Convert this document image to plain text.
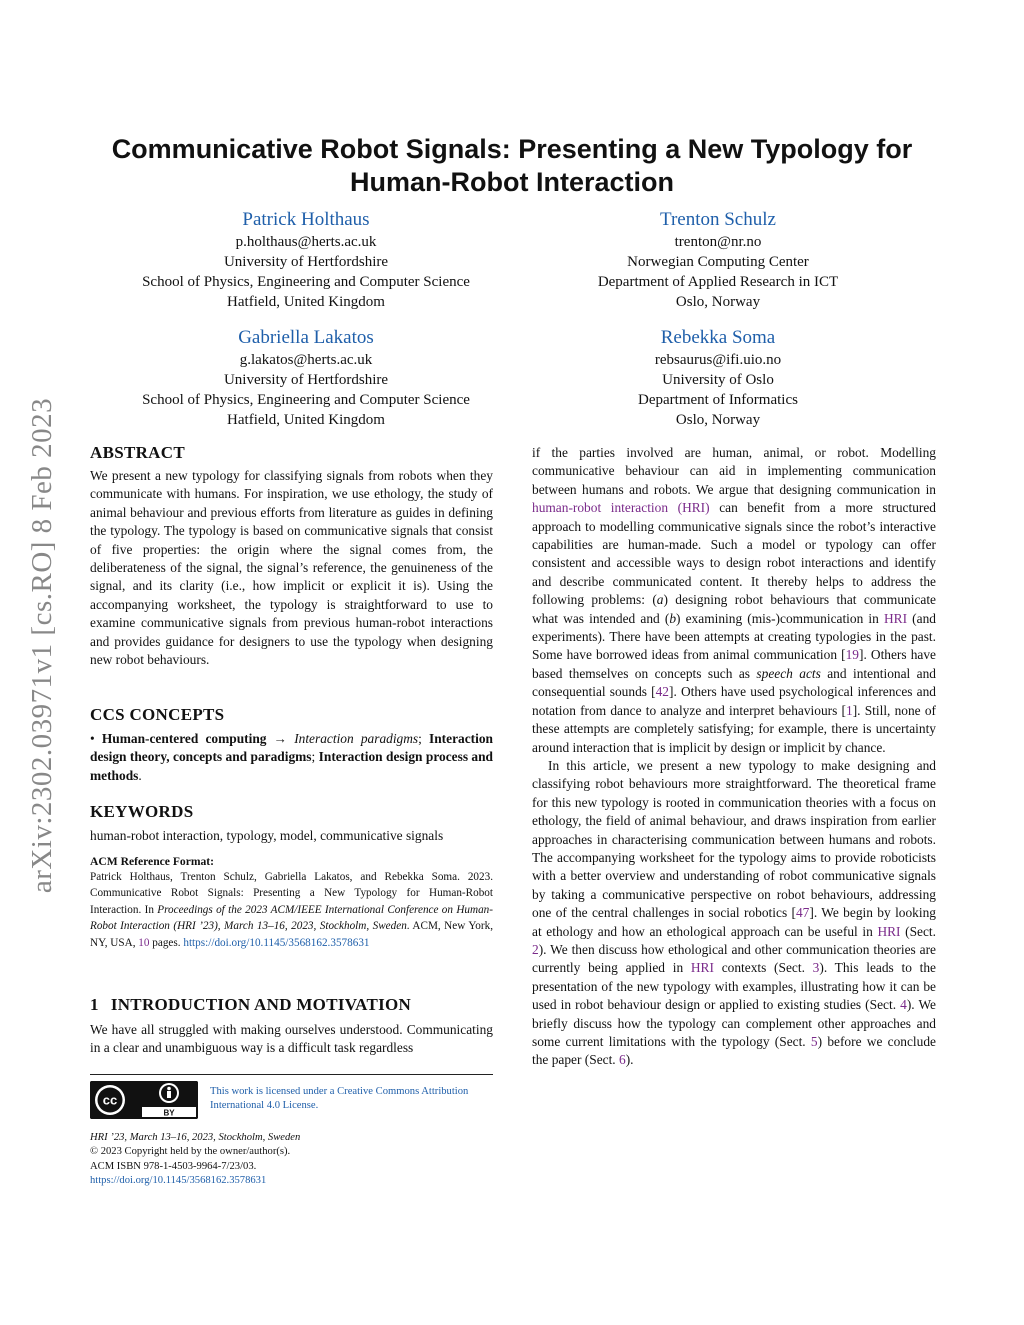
arXiv:2302.03971v1 [cs.RO] 8 Feb 2023
Communicative Robot Signals: Presenting a New Typology for Human-Robot Interaction
Patrick Holthaus
p.holthaus@herts.ac.uk
University of Hertfordshire
School of Physics, Engineering and Computer Science
Hatfield, United Kingdom
Trenton Schulz
trenton@nr.no
Norwegian Computing Center
Department of Applied Research in ICT
Oslo, Norway
Gabriella Lakatos
g.lakatos@herts.ac.uk
University of Hertfordshire
School of Physics, Engineering and Computer Science
Hatfield, United Kingdom
Rebekka Soma
rebsaurus@ifi.uio.no
University of Oslo
Department of Informatics
Oslo, Norway
ABSTRACT

We present a new typology for classifying signals from robots when they communicate with humans. For inspiration, we use ethology, the study of animal behaviour and previous efforts from literature as guides in defining the typology. The typology is based on communicative signals that consist of five properties: the origin where the signal comes from, the deliberateness of the signal, the signal’s reference, the genuineness of the signal, and its clarity (i.e., how implicit or explicit it is). Using the accompanying worksheet, the typology is straightforward to use to examine communicative signals from previous human-robot interactions and provides guidance for designers to use the typology when designing new robot behaviours.

CCS CONCEPTS

• Human-centered computing → Interaction paradigms; Interaction design theory, concepts and paradigms; Interaction design process and methods.

KEYWORDS

human-robot interaction, typology, model, communicative signals

ACM Reference Format:

Patrick Holthaus, Trenton Schulz, Gabriella Lakatos, and Rebekka Soma. 2023. Communicative Robot Signals: Presenting a New Typology for Human-Robot Interaction. In Proceedings of the 2023 ACM/IEEE International Conference on Human-Robot Interaction (HRI ’23), March 13–16, 2023, Stockholm, Sweden. ACM, New York, NY, USA, 10 pages. https://doi.org/10.1145/3568162.3578631

1 INTRODUCTION AND MOTIVATION

We have all struggled with making ourselves understood. Communicating in a clear and unambiguous way is a difficult task regardless

cc
BY
This work is licensed under a Creative Commons Attribution International 4.0 License.
HRI ’23, March 13–16, 2023, Stockholm, Sweden
© 2023 Copyright held by the owner/author(s).
ACM ISBN 978-1-4503-9964-7/23/03.
https://doi.org/10.1145/3568162.3578631

if the parties involved are human, animal, or robot. Modelling communicative behaviour can aid in implementing communication between humans and robots. We argue that designing communication in human-robot interaction (HRI) can benefit from a more structured approach to modelling communicative signals since the robot’s interactive capabilities are human-made. Such a model or typology can offer consistent and accessible ways to design robot interactions and identify and describe communicated content. It thereby helps to address the following problems: (a) designing robot behaviours that communicate what was intended and (b) examining (mis-)communication in HRI (and experiments). There have been attempts at creating typologies in the past. Some have borrowed ideas from animal communication [19]. Others have based themselves on concepts such as speech acts and intentional and consequential sounds [42]. Others have used psychological inferences and notation from dance to analyze and interpret behaviours [1]. Still, none of these attempts are completely satisfying; for example, there is uncertainty around interaction that is implicit by design or implicit by chance.

In this article, we present a new typology to make designing and classifying robot behaviours more straightforward. The theoretical frame for this new typology is rooted in communication theories with a focus on ethology, the field of animal behaviour, and draws inspiration from earlier approaches in characterising communication between humans and robots. The accompanying worksheet for the typology aims to provide roboticists with a better overview and understanding of robot communicative signals by taking a communicative perspective on robot behaviours, addressing one of the central challenges in social robotics [47]. We begin by looking at ethology and how an ethological approach can be useful in HRI (Sect. 2). We then discuss how ethological and other communication theories are currently being applied in HRI contexts (Sect. 3). This leads to the presentation of the new typology with examples, illustrating how it can be used in robot behaviour design or applied to existing studies (Sect. 4). We briefly discuss how the typology can complement other approaches and some current limitations with the typology (Sect. 5) before we conclude the paper (Sect. 6).
